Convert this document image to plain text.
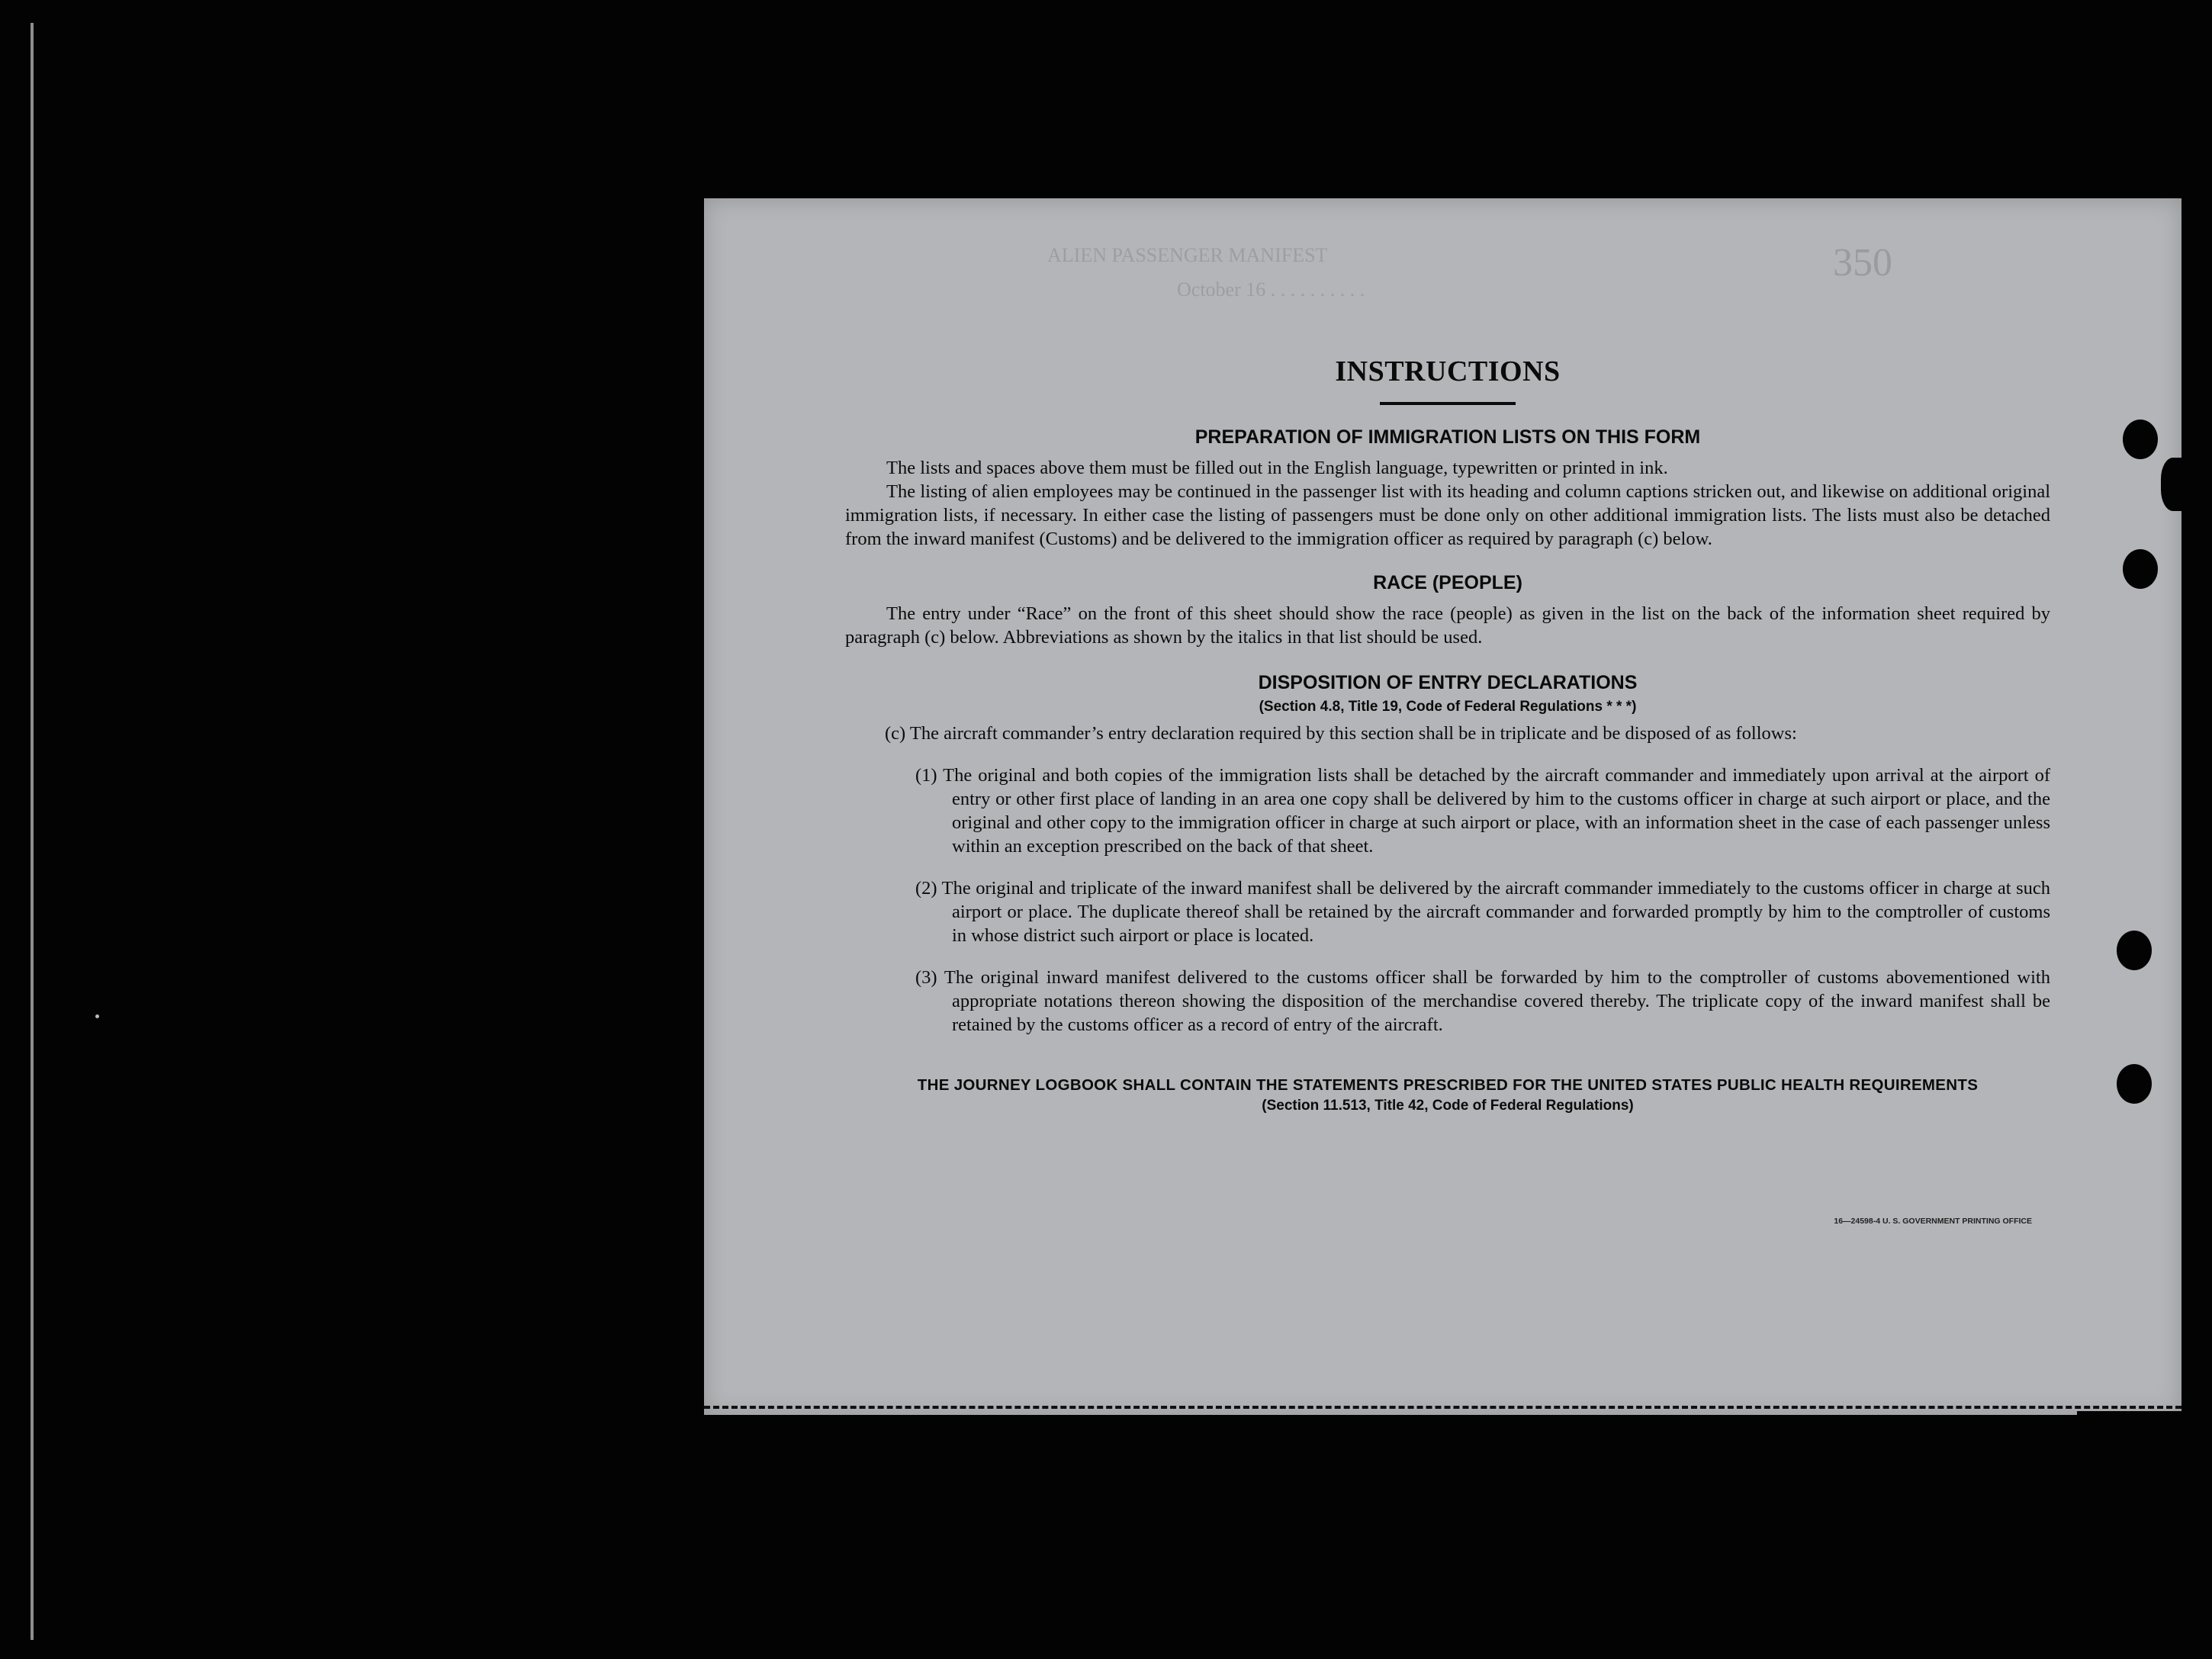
350
ALIEN PASSENGER MANIFEST
October 16 . . . . . . . . . .
INSTRUCTIONS
PREPARATION OF IMMIGRATION LISTS ON THIS FORM

The lists and spaces above them must be filled out in the English language, typewritten or printed in ink.

The listing of alien employees may be continued in the passenger list with its heading and column captions stricken out, and likewise on additional original immigration lists, if necessary. In either case the listing of passengers must be done only on other additional immigration lists. The lists must also be detached from the inward manifest (Customs) and be delivered to the immigration officer as required by paragraph (c) below.

RACE (PEOPLE)

The entry under “Race” on the front of this sheet should show the race (people) as given in the list on the back of the information sheet required by paragraph (c) below. Abbreviations as shown by the italics in that list should be used.

DISPOSITION OF ENTRY DECLARATIONS
(Section 4.8, Title 19, Code of Federal Regulations * * *)

(c) The aircraft commander’s entry declaration required by this section shall be in triplicate and be disposed of as follows:

(1) The original and both copies of the immigration lists shall be detached by the aircraft commander and immediately upon arrival at the airport of entry or other first place of landing in an area one copy shall be delivered by him to the customs officer in charge at such airport or place, and the original and other copy to the immigration officer in charge at such airport or place, with an information sheet in the case of each passenger unless within an exception prescribed on the back of that sheet.

(2) The original and triplicate of the inward manifest shall be delivered by the aircraft commander immediately to the customs officer in charge at such airport or place. The duplicate thereof shall be retained by the aircraft commander and forwarded promptly by him to the comptroller of customs in whose district such airport or place is located.

(3) The original inward manifest delivered to the customs officer shall be forwarded by him to the comptroller of customs abovementioned with appropriate notations thereon showing the disposition of the merchandise covered thereby. The triplicate copy of the inward manifest shall be retained by the customs officer as a record of entry of the aircraft.

THE JOURNEY LOGBOOK SHALL CONTAIN THE STATEMENTS PRESCRIBED FOR THE UNITED STATES PUBLIC HEALTH REQUIREMENTS
(Section 11.513, Title 42, Code of Federal Regulations)
16—24598-4 U. S. GOVERNMENT PRINTING OFFICE
